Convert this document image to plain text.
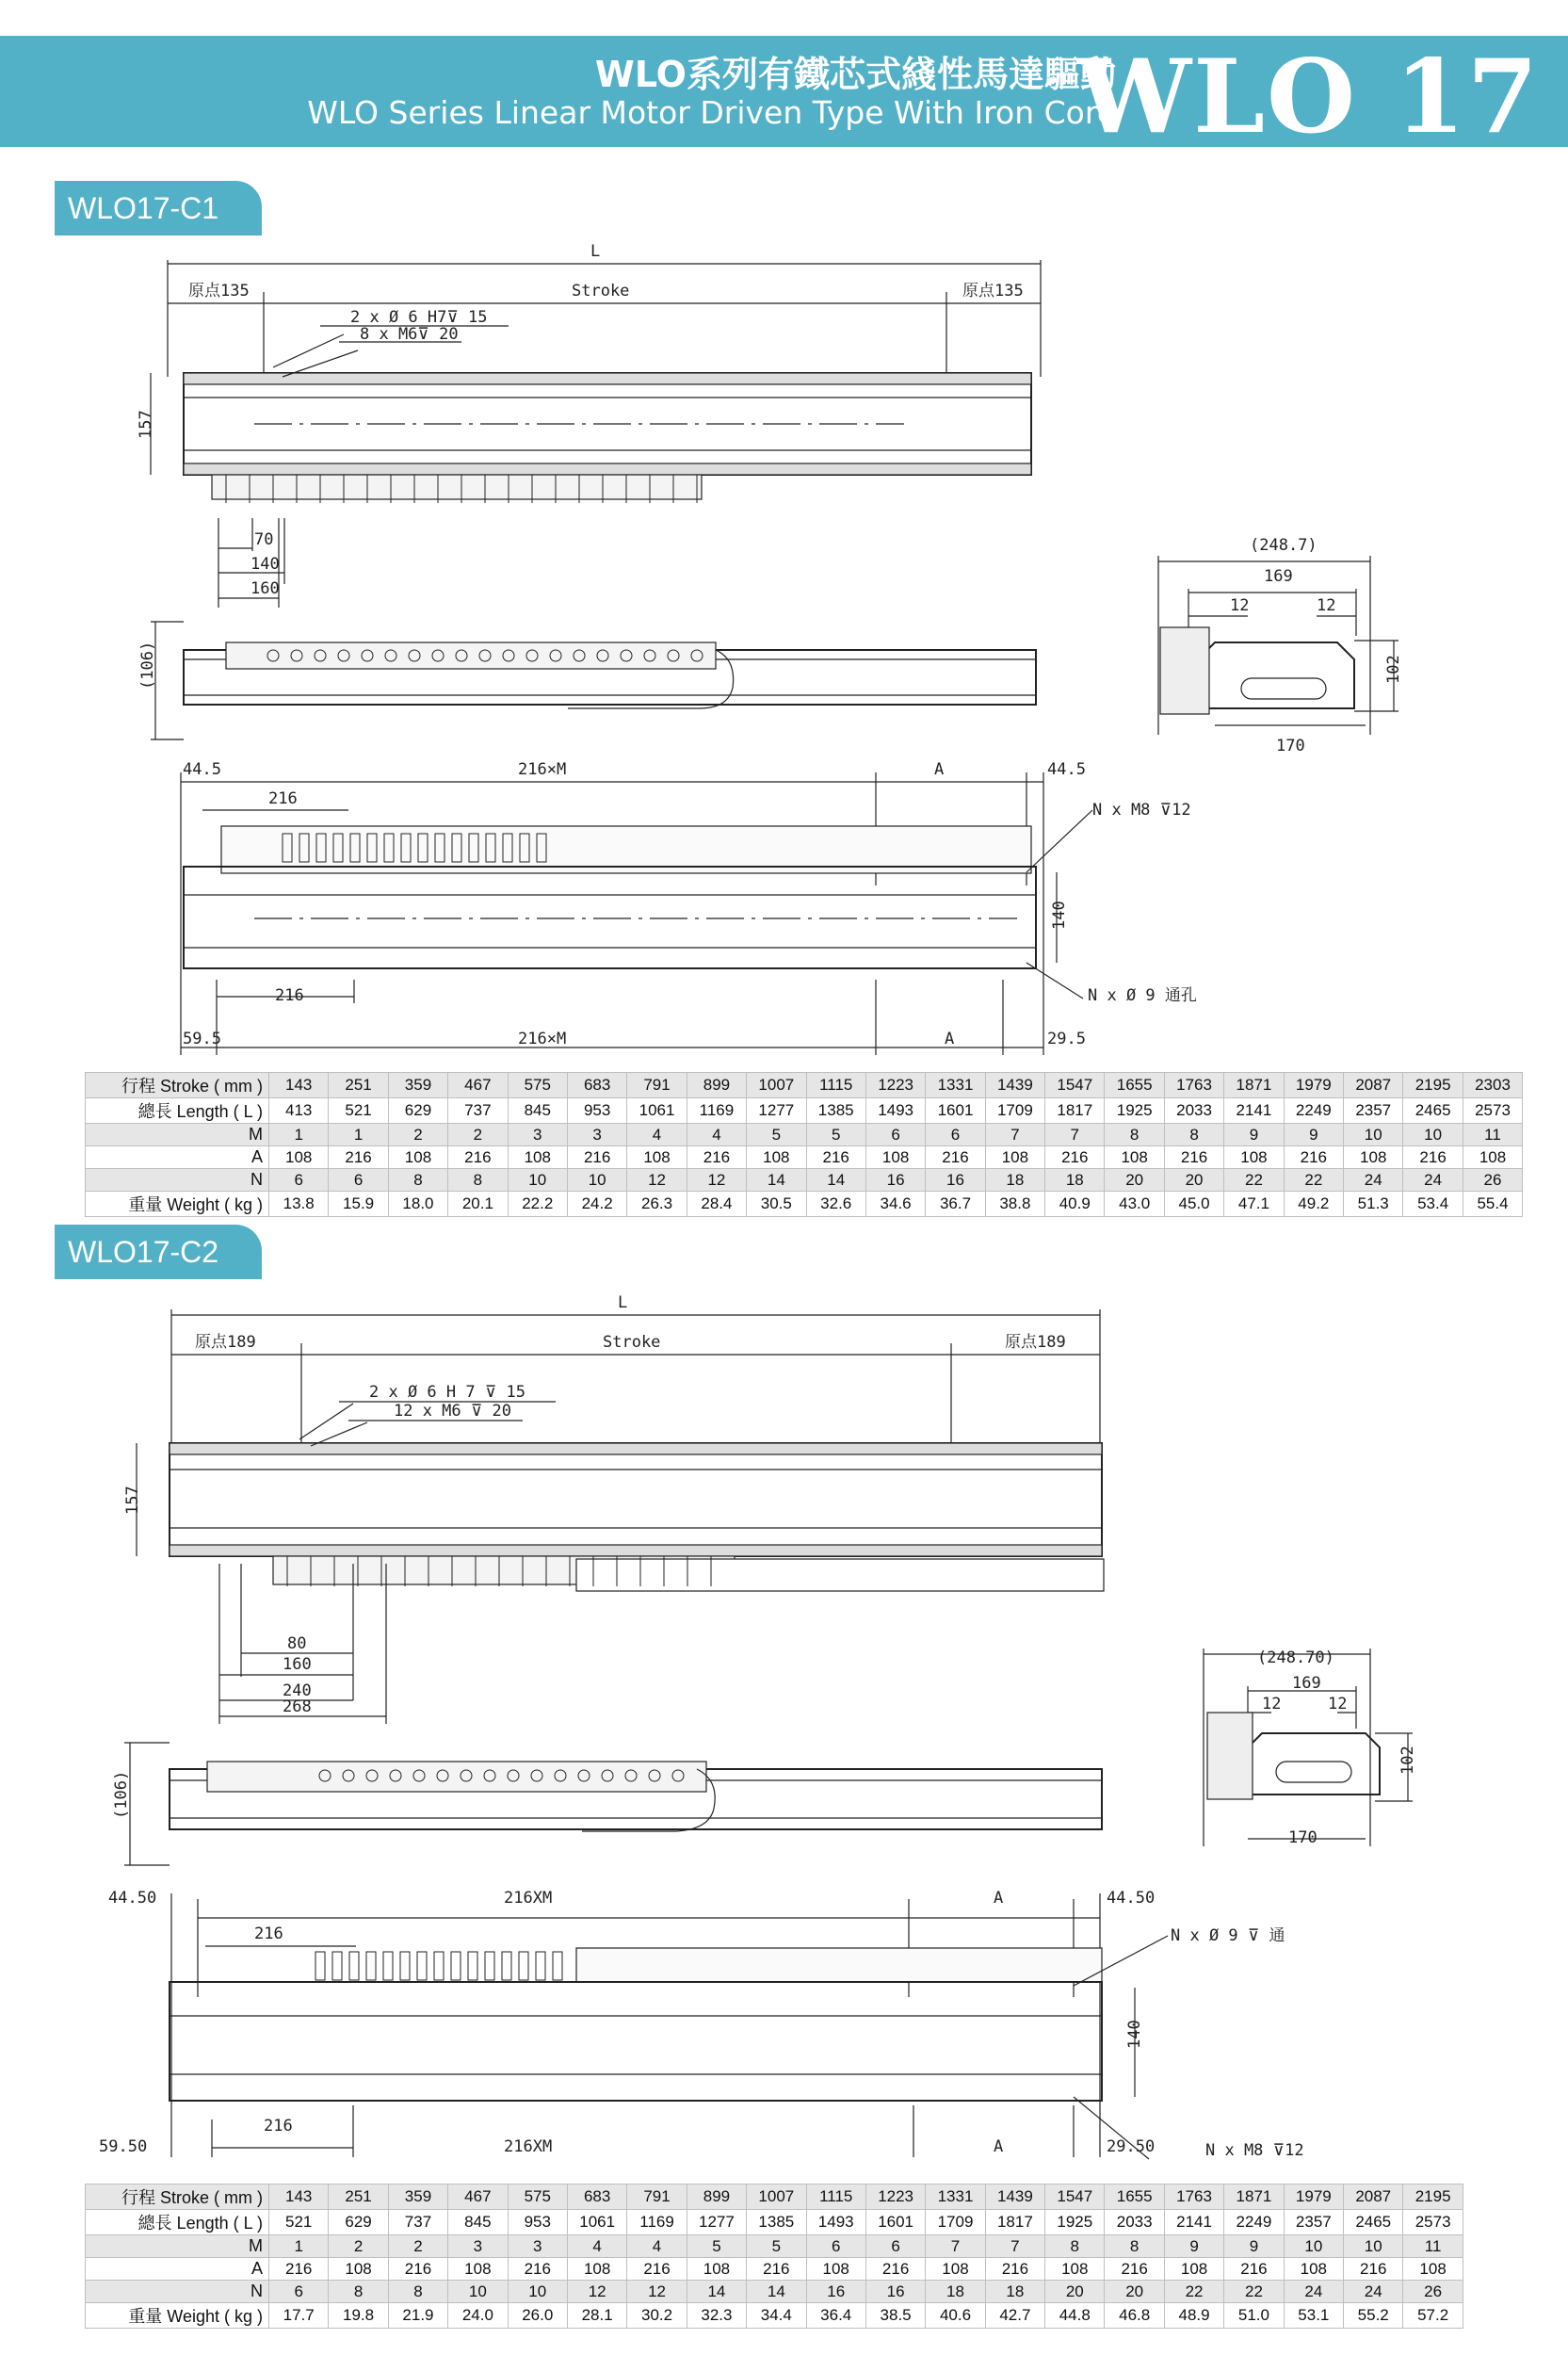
WLO系列有鐵芯式綫性馬達驅動
WLO Series Linear Motor Driven Type With Iron Core
WLO 17
WLO17-C1
原点135	Stroke	原点135
L
2 x Ø 6 H7⊽ 15
8 x M6⊽ 20
157
70
140
160
(106)
(248.7)
169
12	12
102
170
44.5	216×M	A	44.5
216
N x M8 ⊽12
140
216	N x Ø 9 通孔
59.5	216×M	A	29.5
行程 Stroke ( mm )	143	251	359	467	575	683	791	899	1007	1115	1223	1331	1439	1547	1655	1763	1871	1979	2087	2195	2303
總長 Length ( L )	413	521	629	737	845	953	1061	1169	1277	1385	1493	1601	1709	1817	1925	2033	2141	2249	2357	2465	2573
M	1	1	2	2	3	3	4	4	5	5	6	6	7	7	8	8	9	9	10	10	11
A	108	216	108	216	108	216	108	216	108	216	108	216	108	216	108	216	108	216	108	216	108
N	6	6	8	8	10	10	12	12	14	14	16	16	18	18	20	20	22	22	24	24	26
重量 Weight ( kg )	13.8	15.9	18.0	20.1	22.2	24.2	26.3	28.4	30.5	32.6	34.6	36.7	38.8	40.9	43.0	45.0	47.1	49.2	51.3	53.4	55.4
WLO17-C2
原点189	Stroke	原点189
L
2 x Ø 6 H 7 ⊽ 15
12 x M6 ⊽ 20
157
80
160
240
268
(106)
(248.70)
169
12	12
102
170
44.50	216XM	A	44.50
216	N x Ø 9 ⊽ 通
140
216
N x M8 ⊽12
59.50	216XM	A	29.50
行程 Stroke ( mm )	143	251	359	467	575	683	791	899	1007	1115	1223	1331	1439	1547	1655	1763	1871	1979	2087	2195
總長 Length ( L )	521	629	737	845	953	1061	1169	1277	1385	1493	1601	1709	1817	1925	2033	2141	2249	2357	2465	2573
M	1	2	2	3	3	4	4	5	5	6	6	7	7	8	8	9	9	10	10	11
A	216	108	216	108	216	108	216	108	216	108	216	108	216	108	216	108	216	108	216	108
N	6	8	8	10	10	12	12	14	14	16	16	18	18	20	20	22	22	24	24	26
重量 Weight ( kg )	17.7	19.8	21.9	24.0	26.0	28.1	30.2	32.3	34.4	36.4	38.5	40.6	42.7	44.8	46.8	48.9	51.0	53.1	55.2	57.2
